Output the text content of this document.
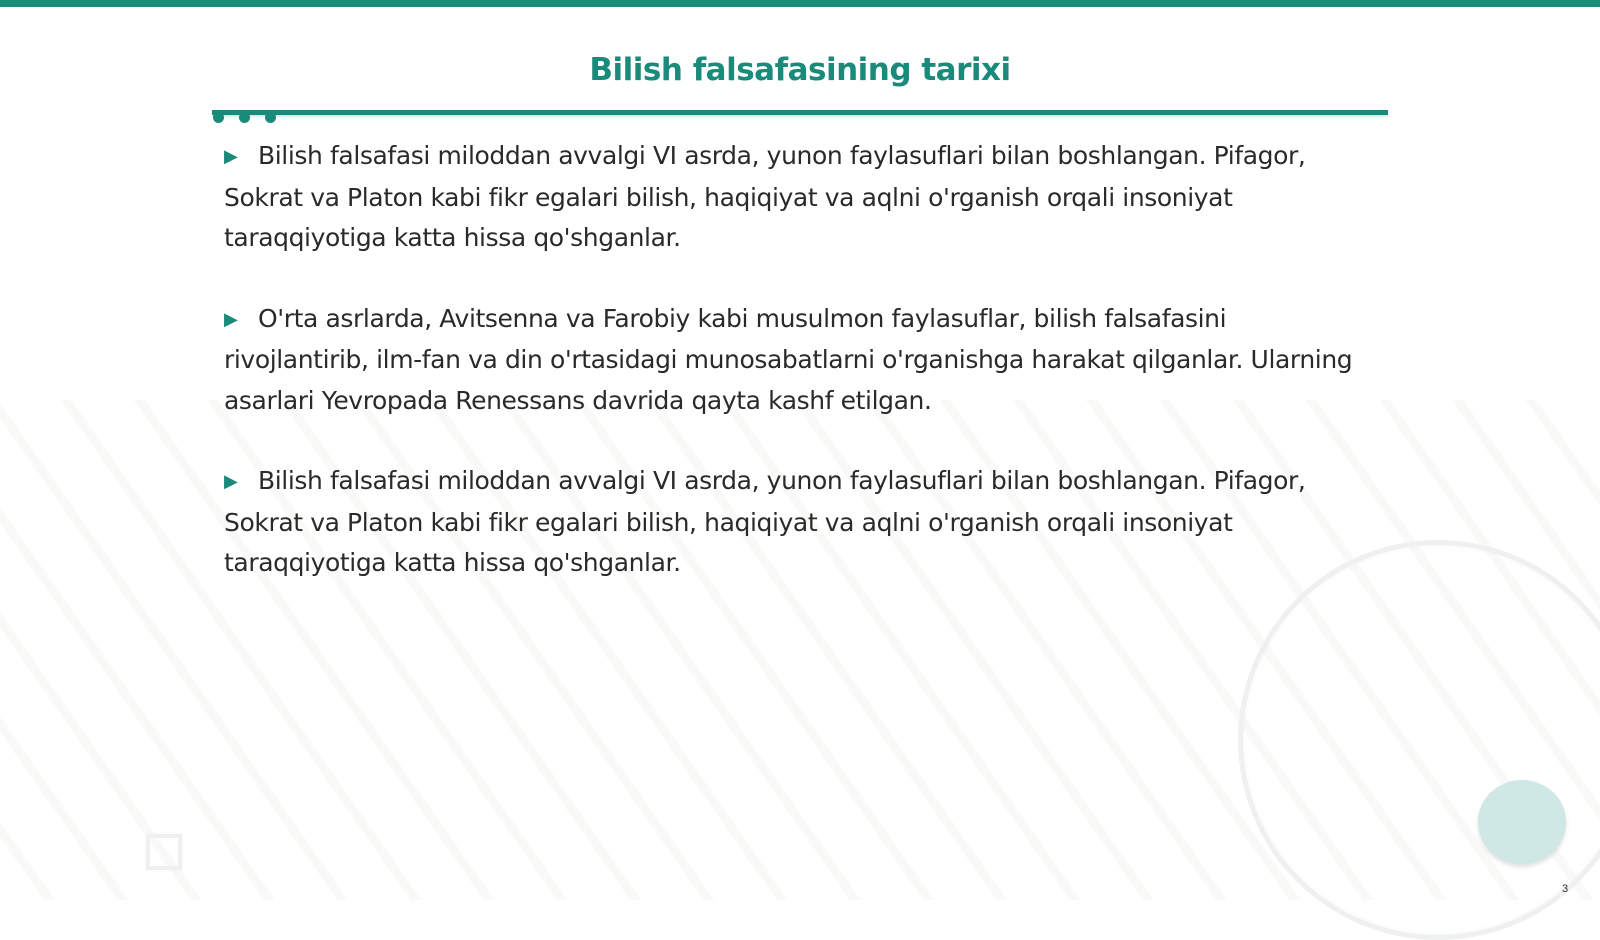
Bilish falsafasining tarixi

▶ Bilish falsafasi miloddan avvalgi VI asrda, yunon faylasuflari bilan boshlangan. Pifagor, Sokrat va Platon kabi fikr egalari bilish, haqiqiyat va aqlni o'rganish orqali insoniyat taraqqiyotiga katta hissa qo'shganlar.

▶ O'rta asrlarda, Avitsenna va Farobiy kabi musulmon faylasuflar, bilish falsafasini rivojlantirib, ilm-fan va din o'rtasidagi munosabatlarni o'rganishga harakat qilganlar. Ularning asarlari Yevropada Renessans davrida qayta kashf etilgan.

▶ Bilish falsafasi miloddan avvalgi VI asrda, yunon faylasuflari bilan boshlangan. Pifagor, Sokrat va Platon kabi fikr egalari bilish, haqiqiyat va aqlni o'rganish orqali insoniyat taraqqiyotiga katta hissa qo'shganlar.

3
